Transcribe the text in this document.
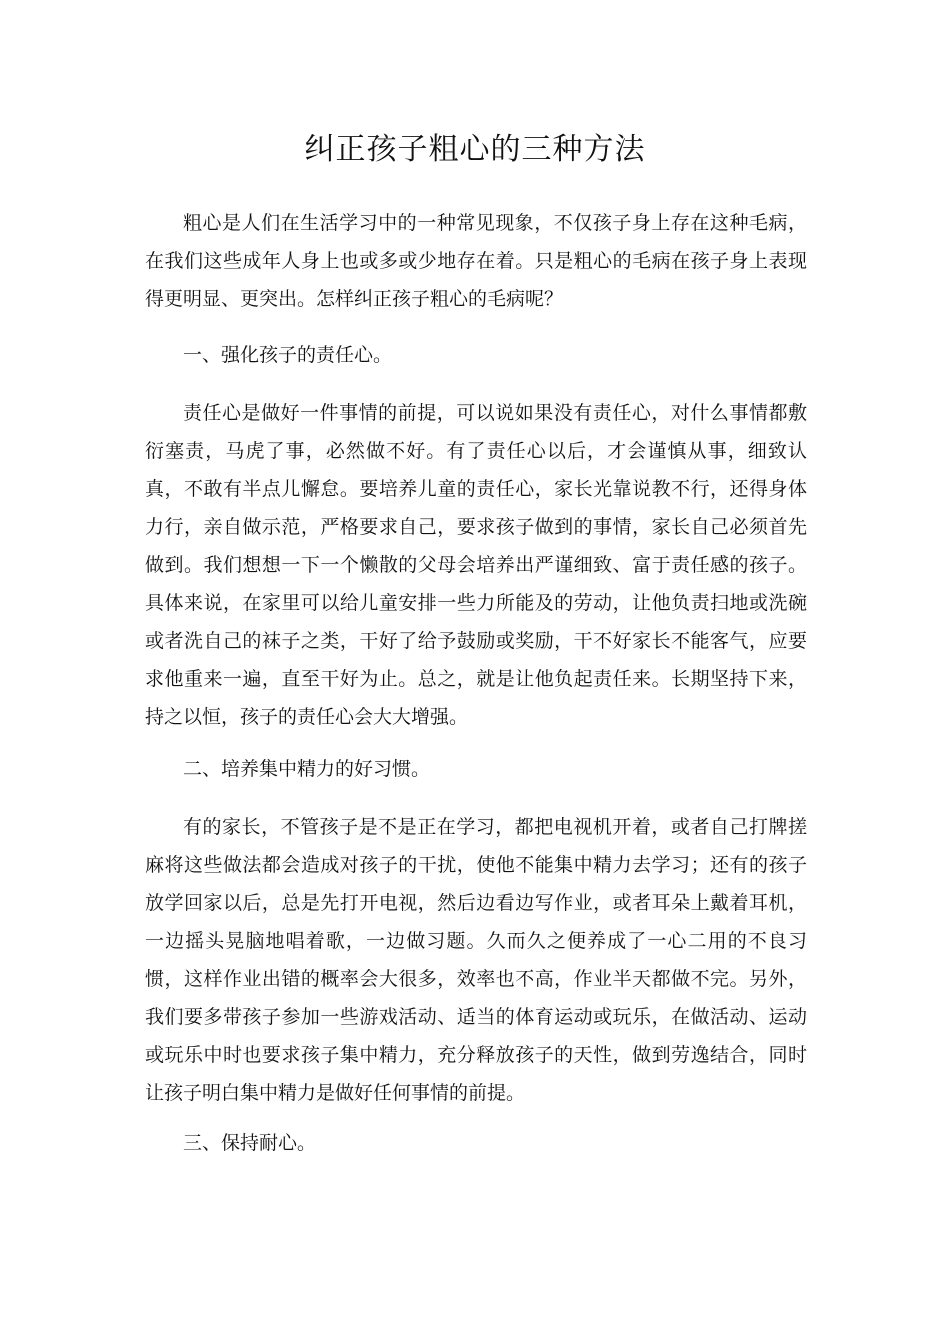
纠正孩子粗心的三种方法

粗心是人们在生活学习中的一种常见现象，不仅孩子身上存在这种毛病，在我们这些成年人身上也或多或少地存在着。只是粗心的毛病在孩子身上表现得更明显、更突出。怎样纠正孩子粗心的毛病呢？

一、强化孩子的责任心。

责任心是做好一件事情的前提，可以说如果没有责任心，对什么事情都敷衍塞责，马虎了事，必然做不好。有了责任心以后，才会谨慎从事，细致认真，不敢有半点儿懈怠。要培养儿童的责任心，家长光靠说教不行，还得身体力行，亲自做示范，严格要求自己，要求孩子做到的事情，家长自己必须首先做到。我们想想一下一个懒散的父母会培养出严谨细致、富于责任感的孩子。具体来说，在家里可以给儿童安排一些力所能及的劳动，让他负责扫地或洗碗或者洗自己的袜子之类，干好了给予鼓励或奖励，干不好家长不能客气，应要求他重来一遍，直至干好为止。总之，就是让他负起责任来。长期坚持下来，持之以恒，孩子的责任心会大大增强。

二、培养集中精力的好习惯。

有的家长，不管孩子是不是正在学习，都把电视机开着，或者自己打牌搓麻将这些做法都会造成对孩子的干扰，使他不能集中精力去学习；还有的孩子放学回家以后，总是先打开电视，然后边看边写作业，或者耳朵上戴着耳机，一边摇头晃脑地唱着歌，一边做习题。久而久之便养成了一心二用的不良习惯，这样作业出错的概率会大很多，效率也不高，作业半天都做不完。另外，我们要多带孩子参加一些游戏活动、适当的体育运动或玩乐，在做活动、运动或玩乐中时也要求孩子集中精力，充分释放孩子的天性，做到劳逸结合，同时让孩子明白集中精力是做好任何事情的前提。

三、保持耐心。
